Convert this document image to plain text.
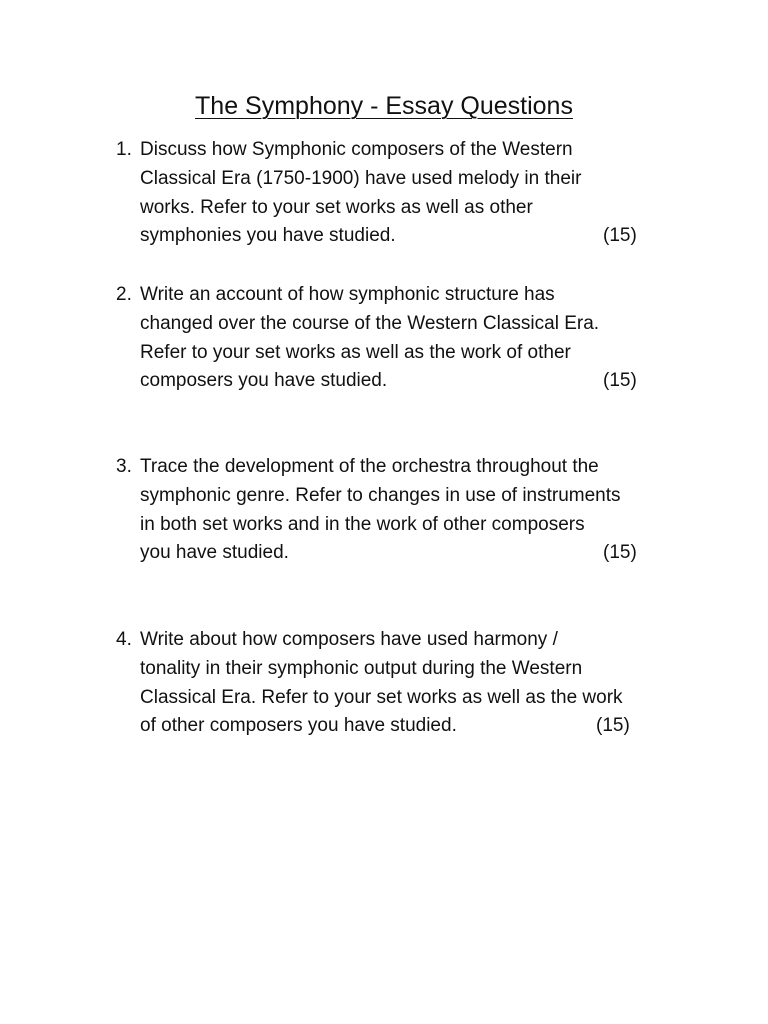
The Symphony - Essay Questions
1. Discuss how Symphonic composers of the Western
Classical Era (1750-1900) have used melody in their
works. Refer to your set works as well as other
symphonies you have studied.	(15)
2. Write an account of how symphonic structure has
changed over the course of the Western Classical Era.
Refer to your set works as well as the work of other
composers you have studied.	(15)
3. Trace the development of the orchestra throughout the
symphonic genre. Refer to changes in use of instruments
in both set works and in the work of other composers
you have studied.	(15)
4. Write about how composers have used harmony /
tonality in their symphonic output during the Western
Classical Era. Refer to your set works as well as the work
of other composers you have studied.	(15)
